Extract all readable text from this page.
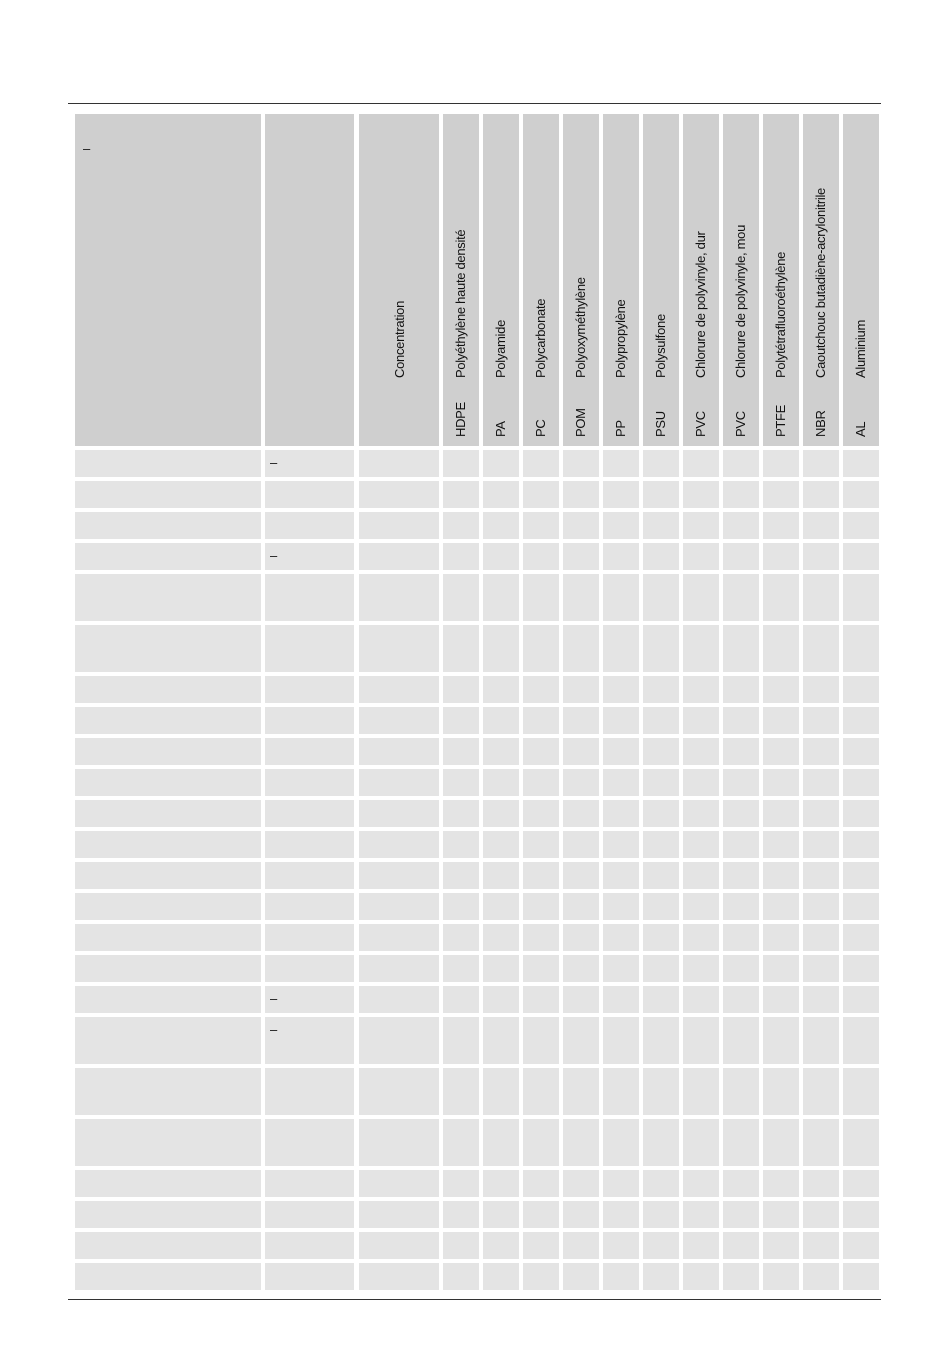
–
Concentration
HDPE
Polyéthylène haute densité
PA
Polyamide
PC
Polycarbonate
POM
Polyoxyméthylène
PP
Polypropylène
PSU
Polysulfone
PVC
Chlorure de polyvinyle, dur
PVC
Chlorure de polyvinyle, mou
PTFE
Polytétrafluoroéthylène
NBR
Caoutchouc butadiène-acrylonitrile
AL
Aluminium
–
–
–
–
